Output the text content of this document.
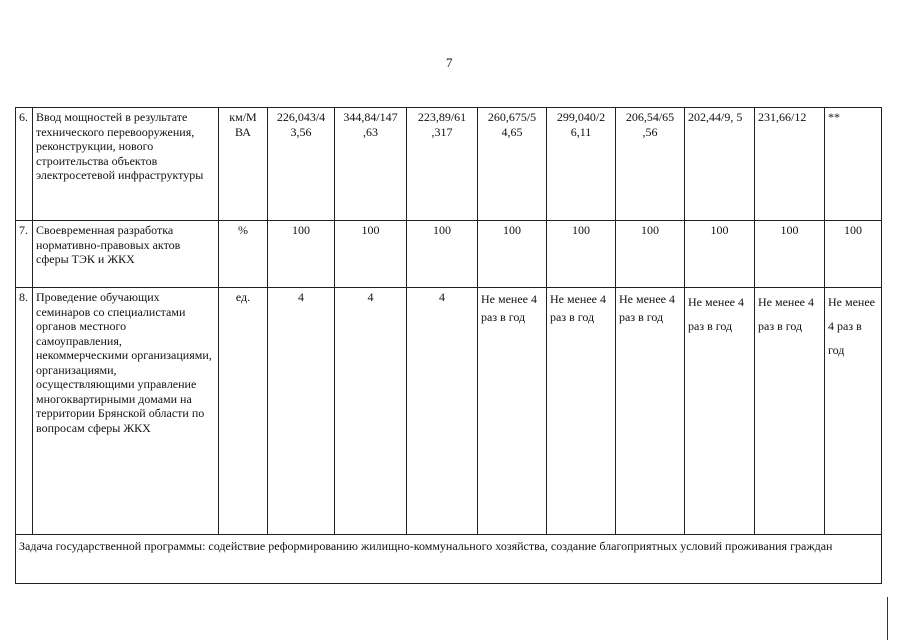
7
6.	Ввод мощностей в результате технического перевооружения, реконструкции, нового строительства объектов электросетевой инфраструктуры	км/М ВА	226,043/4 3,56	344,84/147 ,63	223,89/61 ,317	260,675/5 4,65	299,040/2 6,11	206,54/65 ,56	202,44/9, 5	231,66/12	**
7.	Своевременная разработка нормативно-правовых актов сферы ТЭК и ЖКХ	%	100	100	100	100	100	100	100	100	100
8.	Проведение обучающих семинаров со специалистами органов местного самоуправления, некоммерческими организациями, организациями, осуществляющими управление многоквартирными домами на территории Брянской области по вопросам сферы ЖКХ	ед.	4	4	4	Не менее 4 раз в год	Не менее 4 раз в год	Не менее 4 раз в год	Не менее 4 раз в год	Не менее 4 раз в год	Не менее 4 раз в год
Задача государственной программы: содействие реформированию жилищно-коммунального хозяйства, создание благоприятных условий проживания граждан											
